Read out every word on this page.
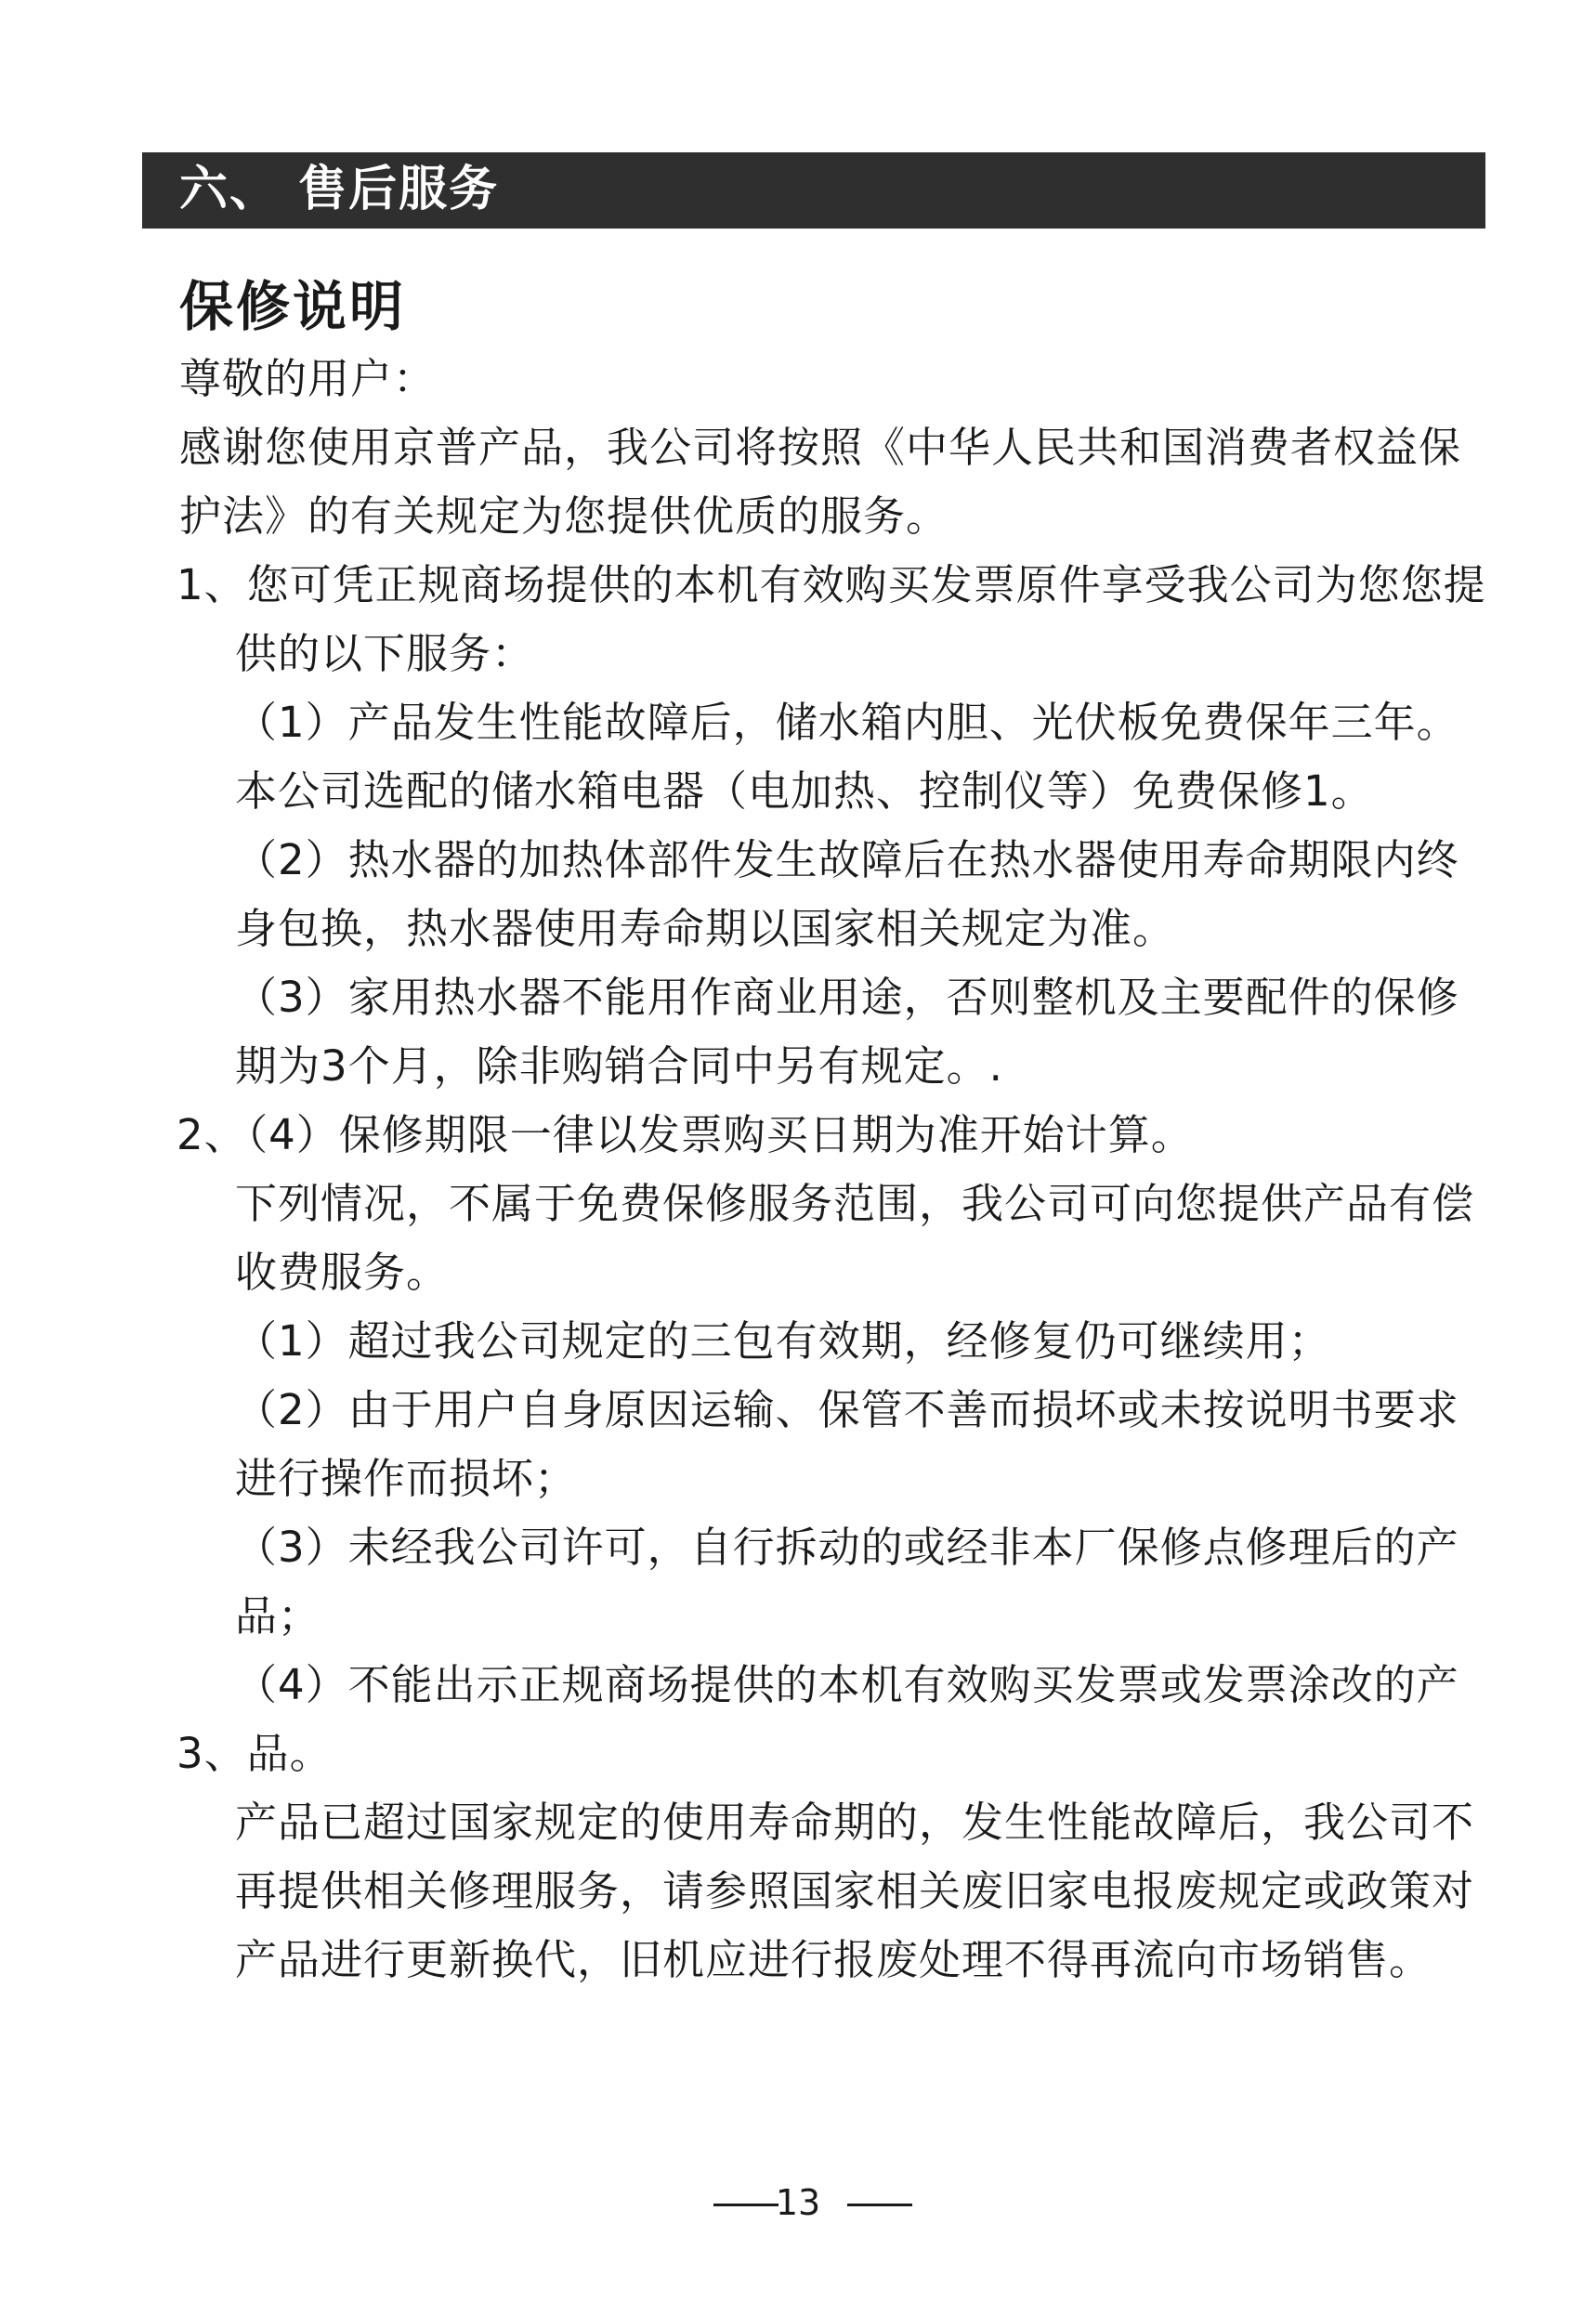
六、 售后服务
保修说明
尊敬的用户：
感谢您使用京普产品，我公司将按照《中华人民共和国消费者权益保
护法》的有关规定为您提供优质的服务。
1、您可凭正规商场提供的本机有效购买发票原件享受我公司为您您提
供的以下服务：
（1）产品发生性能故障后，储水箱内胆、光伏板免费保年三年。
本公司选配的储水箱电器（电加热、控制仪等）免费保修1。
（2）热水器的加热体部件发生故障后在热水器使用寿命期限内终
身包换，热水器使用寿命期以国家相关规定为准。
（3）家用热水器不能用作商业用途，否则整机及主要配件的保修
期为3个月，除非购销合同中另有规定。.
2、（4）保修期限一律以发票购买日期为准开始计算。
下列情况，不属于免费保修服务范围，我公司可向您提供产品有偿
收费服务。
（1）超过我公司规定的三包有效期，经修复仍可继续用；
（2）由于用户自身原因运输、保管不善而损坏或未按说明书要求
进行操作而损坏；
（3）未经我公司许可，自行拆动的或经非本厂保修点修理后的产
品；
（4）不能出示正规商场提供的本机有效购买发票或发票涂改的产
3、品。
产品已超过国家规定的使用寿命期的，发生性能故障后，我公司不
再提供相关修理服务，请参照国家相关废旧家电报废规定或政策对
产品进行更新换代，旧机应进行报废处理不得再流向市场销售。
13
